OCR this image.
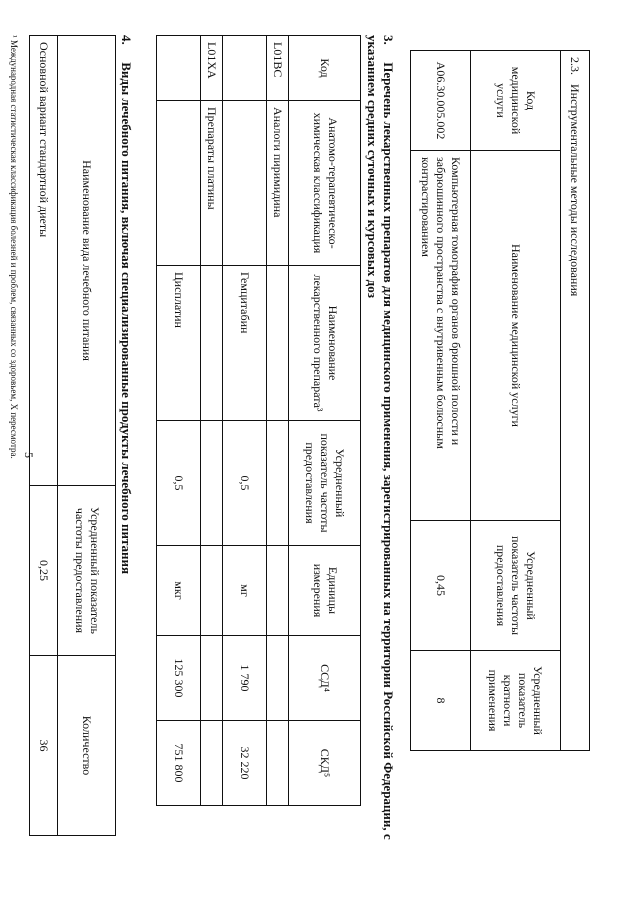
5
2.3. Инструментальные методы исследования			
Код медицинской услуги	Наименование медицинской услуги	Усредненный показатель частоты предоставления	Усредненный показатель кратности применения
A06.30.005.002	Компьютерная томография органов брюшной полости и забрюшинного пространства с внутривенным болюсным контрастированием	0,45	8
3. Перечень лекарственных препаратов для медицинского применения, зарегистрированных на территории Российской Федерации, с указанием средних суточных и курсовых доз
Код	Анатомо-терапевтическо-химическая классификация	Наименование лекарственного препарата³	Усредненный показатель частоты предоставления	Единицы измерения	ССД⁴	СКД⁵
L01BC	Аналоги пиримидина					
		Гемцитабин	0,5	мг	1 790	32 220
L01XA	Препараты платины					
		Цисплатин	0,5	мкг	125 300	751 800
4. Виды лечебного питания, включая специализированные продукты лечебного питания
Наименование вида лечебного питания	Усредненный показатель частоты предоставления	Количество
Основной вариант стандартной диеты	0,25	36
¹ Международная статистическая классификация болезней и проблем, связанных со здоровьем, X пересмотра.
